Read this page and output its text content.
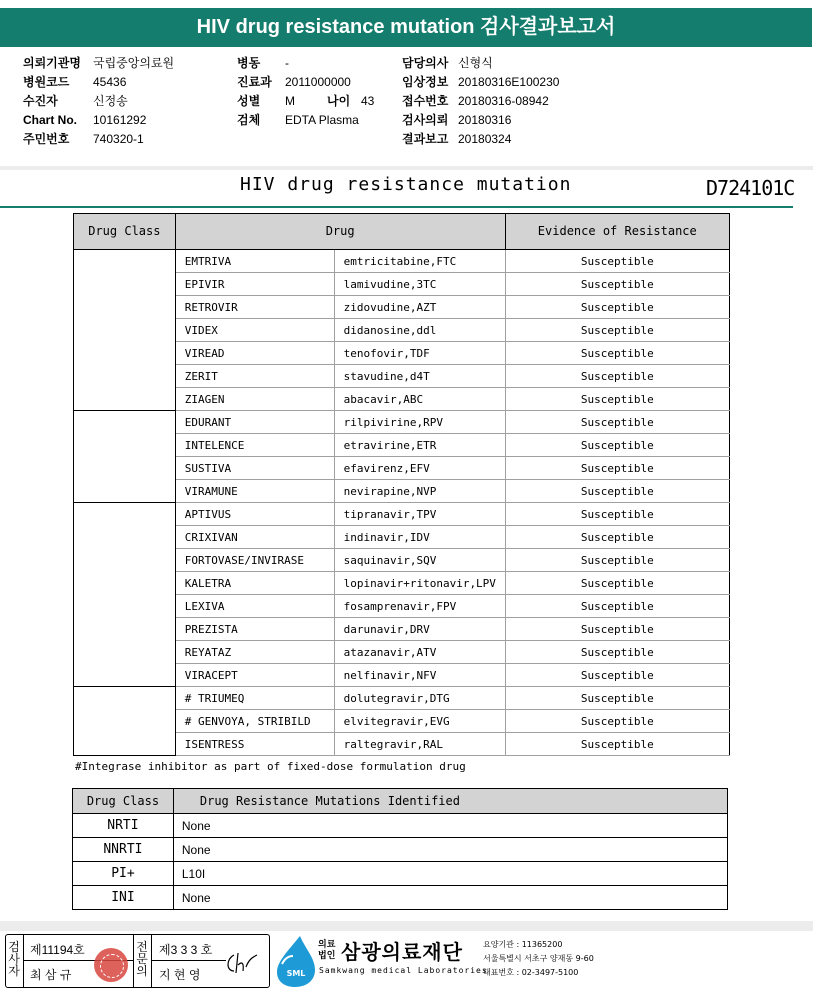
HIV drug resistance mutation 검사결과보고서
의뢰기관명 국립중앙의료원
병원코드 45436
수진자	신정송
Chart No. 10161292
주민번호 740320-1
병동 -
진료과 2011000000
성별 M	나이 43
검체 EDTA Plasma
담당의사 신형식
임상정보 20180316E100230
접수번호 20180316-08942
검사의뢰 20180316
결과보고 20180324
HIV drug resistance mutation	D724101C
Drug Class	Drug		Evidence of Resistance
	EMTRIVA	emtricitabine,FTC	Susceptible
	EPIVIR	lamivudine,3TC	Susceptible
	RETROVIR	zidovudine,AZT	Susceptible
	VIDEX	didanosine,ddl	Susceptible
	VIREAD	tenofovir,TDF	Susceptible
	ZERIT	stavudine,d4T	Susceptible
	ZIAGEN	abacavir,ABC	Susceptible
	EDURANT	rilpivirine,RPV	Susceptible
	INTELENCE	etravirine,ETR	Susceptible
	SUSTIVA	efavirenz,EFV	Susceptible
	VIRAMUNE	nevirapine,NVP	Susceptible
	APTIVUS	tipranavir,TPV	Susceptible
	CRIXIVAN	indinavir,IDV	Susceptible
	FORTOVASE/INVIRASE	saquinavir,SQV	Susceptible
	KALETRA	lopinavir+ritonavir,LPV	Susceptible
	LEXIVA	fosamprenavir,FPV	Susceptible
	PREZISTA	darunavir,DRV	Susceptible
	REYATAZ	atazanavir,ATV	Susceptible
	VIRACEPT	nelfinavir,NFV	Susceptible
	# TRIUMEQ	dolutegravir,DTG	Susceptible
	# GENVOYA, STRIBILD	elvitegravir,EVG	Susceptible
	ISENTRESS	raltegravir,RAL	Susceptible
#Integrase inhibitor as part of fixed-dose formulation drug
Drug Class	Drug Resistance Mutations Identified
NRTI	None
NNRTI	None
PI+	L10I
INI	None
검사자
제11194호
최 삼 규
전문의
제3 3 3 호
지 현 영	SML
의료법인 삼광의료재단
Samkwang medical Laboratories
요양기관 : 11365200
서울특별시 서초구 양재동 9-60
대표번호 : 02-3497-5100
